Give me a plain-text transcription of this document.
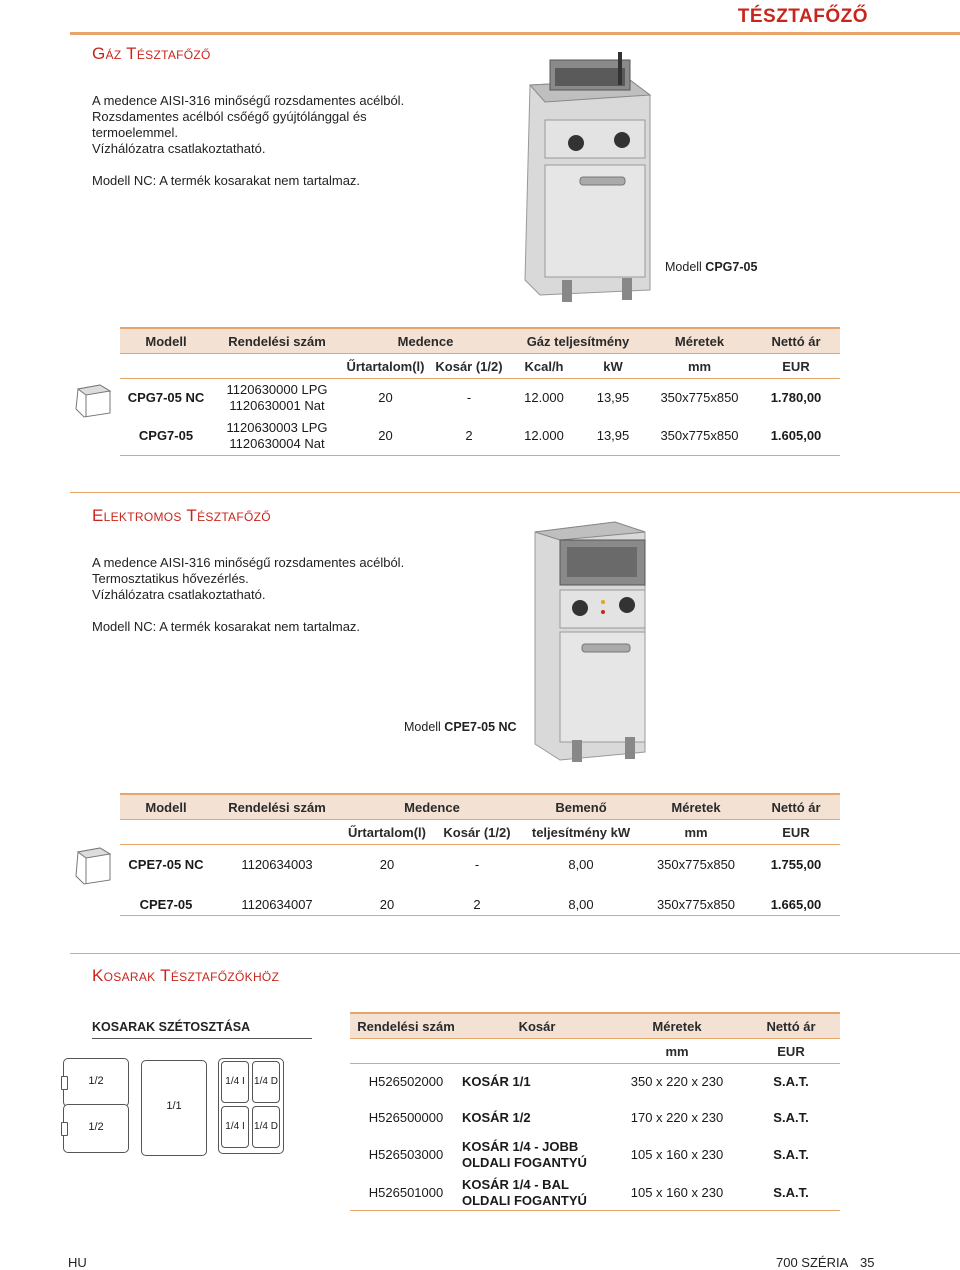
TÉSZTAFŐZŐ
Gáz Tésztafőző

A medence AISI-316 minőségű rozsdamentes acélból.

Rozsdamentes acélból csőégő gyújtólánggal és

termoelemmel.

Vízhálózatra csatlakoztatható.

Modell NC: A termék kosarakat nem tartalmaz.

Modell CPG7-05
Modell	Rendelési szám	Medence		Gáz teljesítmény		Méretek	Nettó ár
		Űrtartalom(l)	Kosár (1/2)	Kcal/h	kW	mm	EUR
CPG7-05 NC	1120630000 LPG
1120630001 Nat	20	-	12.000	13,95	350x775x850	1.780,00
CPG7-05	1120630003 LPG
1120630004 Nat	20	2	12.000	13,95	350x775x850	1.605,00
Elektromos Tésztafőző

A medence AISI-316 minőségű rozsdamentes acélból.

Termosztatikus hővezérlés.

Vízhálózatra csatlakoztatható.

Modell NC: A termék kosarakat nem tartalmaz.

Modell CPE7-05 NC
Modell	Rendelési szám	Medence		Bemenő	Méretek	Nettó ár
		Űrtartalom(l)	Kosár (1/2)	teljesítmény kW	mm	EUR
CPE7-05 NC	1120634003	20	-	8,00	350x775x850	1.755,00
CPE7-05	1120634007	20	2	8,00	350x775x850	1.665,00
Kosarak Tésztafőzőkhöz
KOSARAK SZÉTOSZTÁSA
1/2
1/2
1/1
1/4 I 1/4 D
1/4 I 1/4 D
Rendelési szám	Kosár	Méretek	Nettó ár
		mm	EUR
H526502000	KOSÁR 1/1	350 x 220 x 230	S.A.T.
H526500000	KOSÁR 1/2	170 x 220 x 230	S.A.T.
H526503000	KOSÁR 1/4 - JOBB OLDALI FOGANTYÚ	105 x 160 x 230	S.A.T.
H526501000	KOSÁR 1/4 - BAL OLDALI FOGANTYÚ	105 x 160 x 230	S.A.T.
HU	700 SZÉRIA 35
